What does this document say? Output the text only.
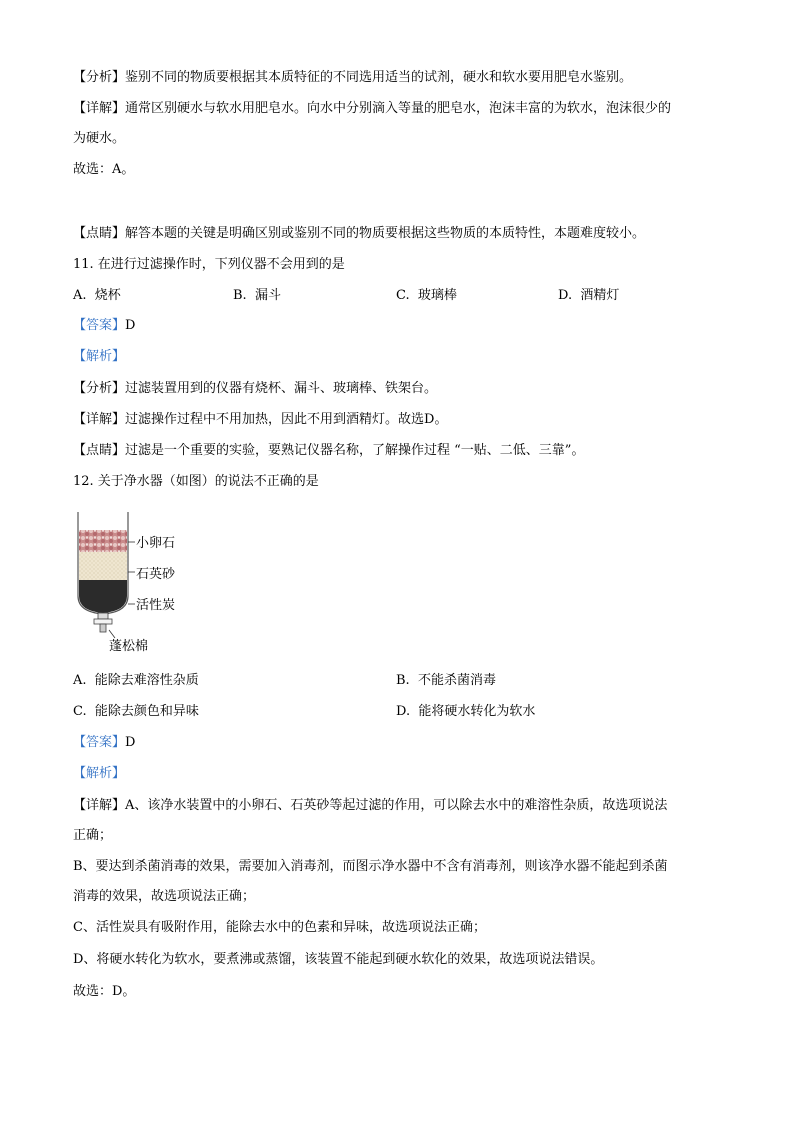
【分析】鉴别不同的物质要根据其本质特征的不同选用适当的试剂，硬水和软水要用肥皂水鉴别。
【详解】通常区别硬水与软水用肥皂水。向水中分别滴入等量的肥皂水，泡沫丰富的为软水，泡沫很少的
为硬水。
故选：A。
【点睛】解答本题的关键是明确区别或鉴别不同的物质要根据这些物质的本质特性，本题难度较小。
11. 在进行过滤操作时，下列仪器不会用到的是
A. 烧杯	B. 漏斗	C. 玻璃棒	D. 酒精灯
【答案】D
【解析】
【分析】过滤装置用到的仪器有烧杯、漏斗、玻璃棒、铁架台。
【详解】过滤操作过程中不用加热，因此不用到酒精灯。故选D。
【点睛】过滤是一个重要的实验，要熟记仪器名称，了解操作过程 “一贴、二低、三靠”。
12. 关于净水器（如图）的说法不正确的是
小卵石
石英砂
活性炭
蓬松棉
A. 能除去难溶性杂质	B. 不能杀菌消毒
C. 能除去颜色和异味	D. 能将硬水转化为软水
【答案】D
【解析】
【详解】A、该净水装置中的小卵石、石英砂等起过滤的作用，可以除去水中的难溶性杂质，故选项说法
正确；
B、要达到杀菌消毒的效果，需要加入消毒剂，而图示净水器中不含有消毒剂，则该净水器不能起到杀菌
消毒的效果，故选项说法正确；
C、活性炭具有吸附作用，能除去水中的色素和异味，故选项说法正确；
D、将硬水转化为软水，要煮沸或蒸馏，该装置不能起到硬水软化的效果，故选项说法错误。
故选：D。
